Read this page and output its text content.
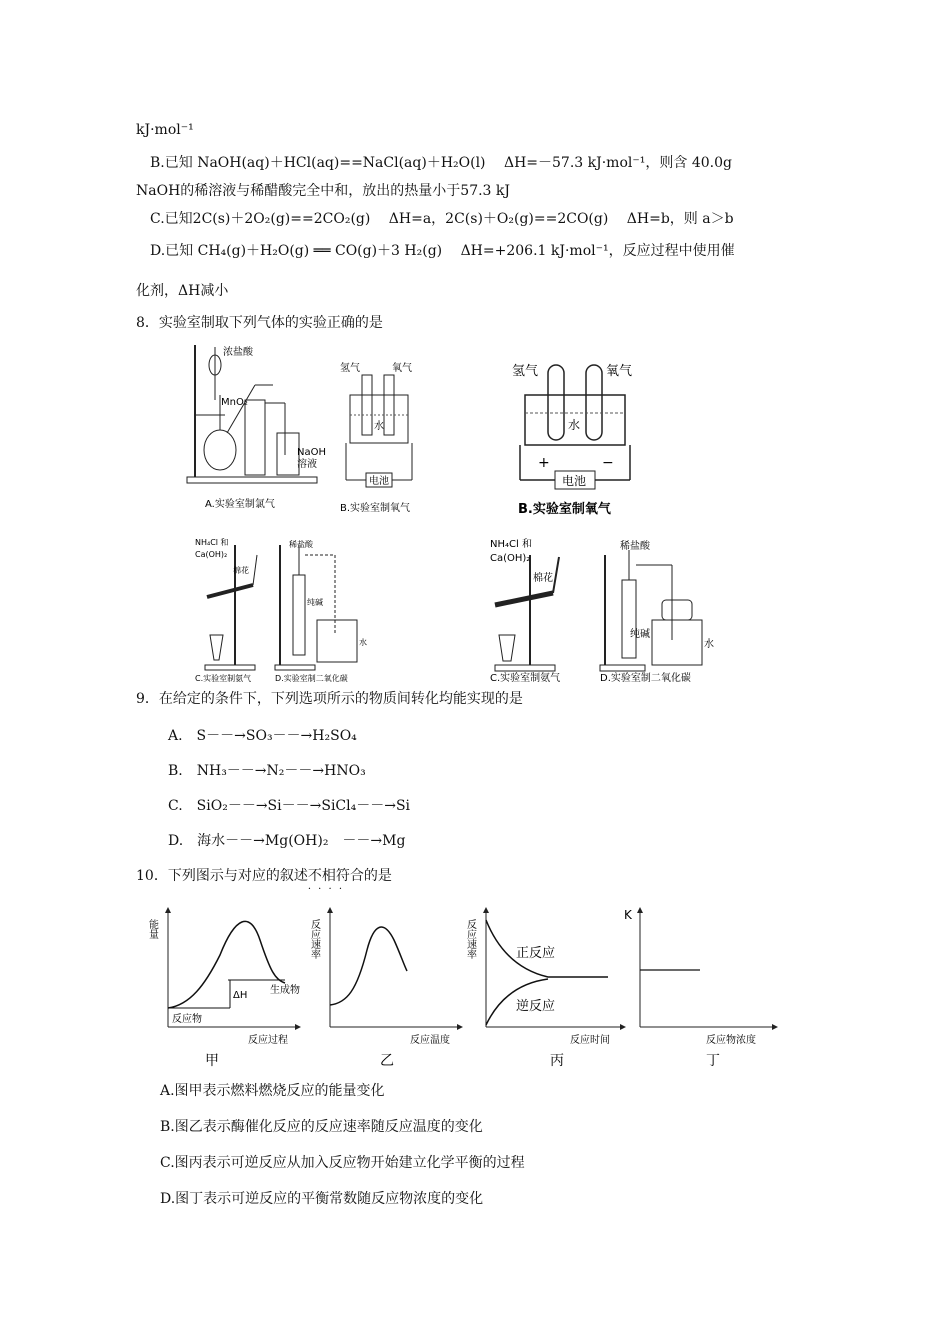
kJ·mol⁻¹
B.已知 NaOH(aq)＋HCl(aq)==NaCl(aq)＋H₂O(l)　 ΔH=－57.3 kJ·mol⁻¹，则含 40.0g
NaOH的稀溶液与稀醋酸完全中和，放出的热量小于57.3 kJ
C.已知2C(s)＋2O₂(g)==2CO₂(g)　 ΔH=a，2C(s)＋O₂(g)==2CO(g)　 ΔH=b，则 a＞b
D.已知 CH₄(g)＋H₂O(g) ══ CO(g)＋3 H₂(g)　 ΔH=+206.1 kJ·mol⁻¹，反应过程中使用催
化剂，ΔH减小
8．实验室制取下列气体的实验正确的是
浓盐酸
MnO₂
NaOH
溶液
A.实验室制氯气
氢气	氧气
水
电池
B.实验室制氧气
氢气	氧气
水
电池
+	−
B.实验室制氧气
NH₄Cl 和
Ca(OH)₂
棉花
C.实验室制氨气
稀盐酸
纯碱
水
D.实验室制二氧化碳
NH₄Cl 和
Ca(OH)₂
棉花
C.实验室制氨气
稀盐酸
纯碱
水
D.实验室制二氧化碳
9．在给定的条件下，下列选项所示的物质间转化均能实现的是
A.　S－－→SO₃－－→H₂SO₄
B.　NH₃－－→N₂－－→HNO₃
C.　SiO₂－－→Si－－→SiCl₄－－→Si
D.　海水－－→Mg(OH)₂　－－→Mg
10．下列图示与对应的叙述不相符合 · · · ·的是
能量
反应物
生成物
ΔH
反应过程
甲
反应速率
反应温度
乙
反应速率	正反应
逆反应
反应时间
丙
K
反应物浓度
丁
A.图甲表示燃料燃烧反应的能量变化
B.图乙表示酶催化反应的反应速率随反应温度的变化
C.图丙表示可逆反应从加入反应物开始建立化学平衡的过程
D.图丁表示可逆反应的平衡常数随反应物浓度的变化
